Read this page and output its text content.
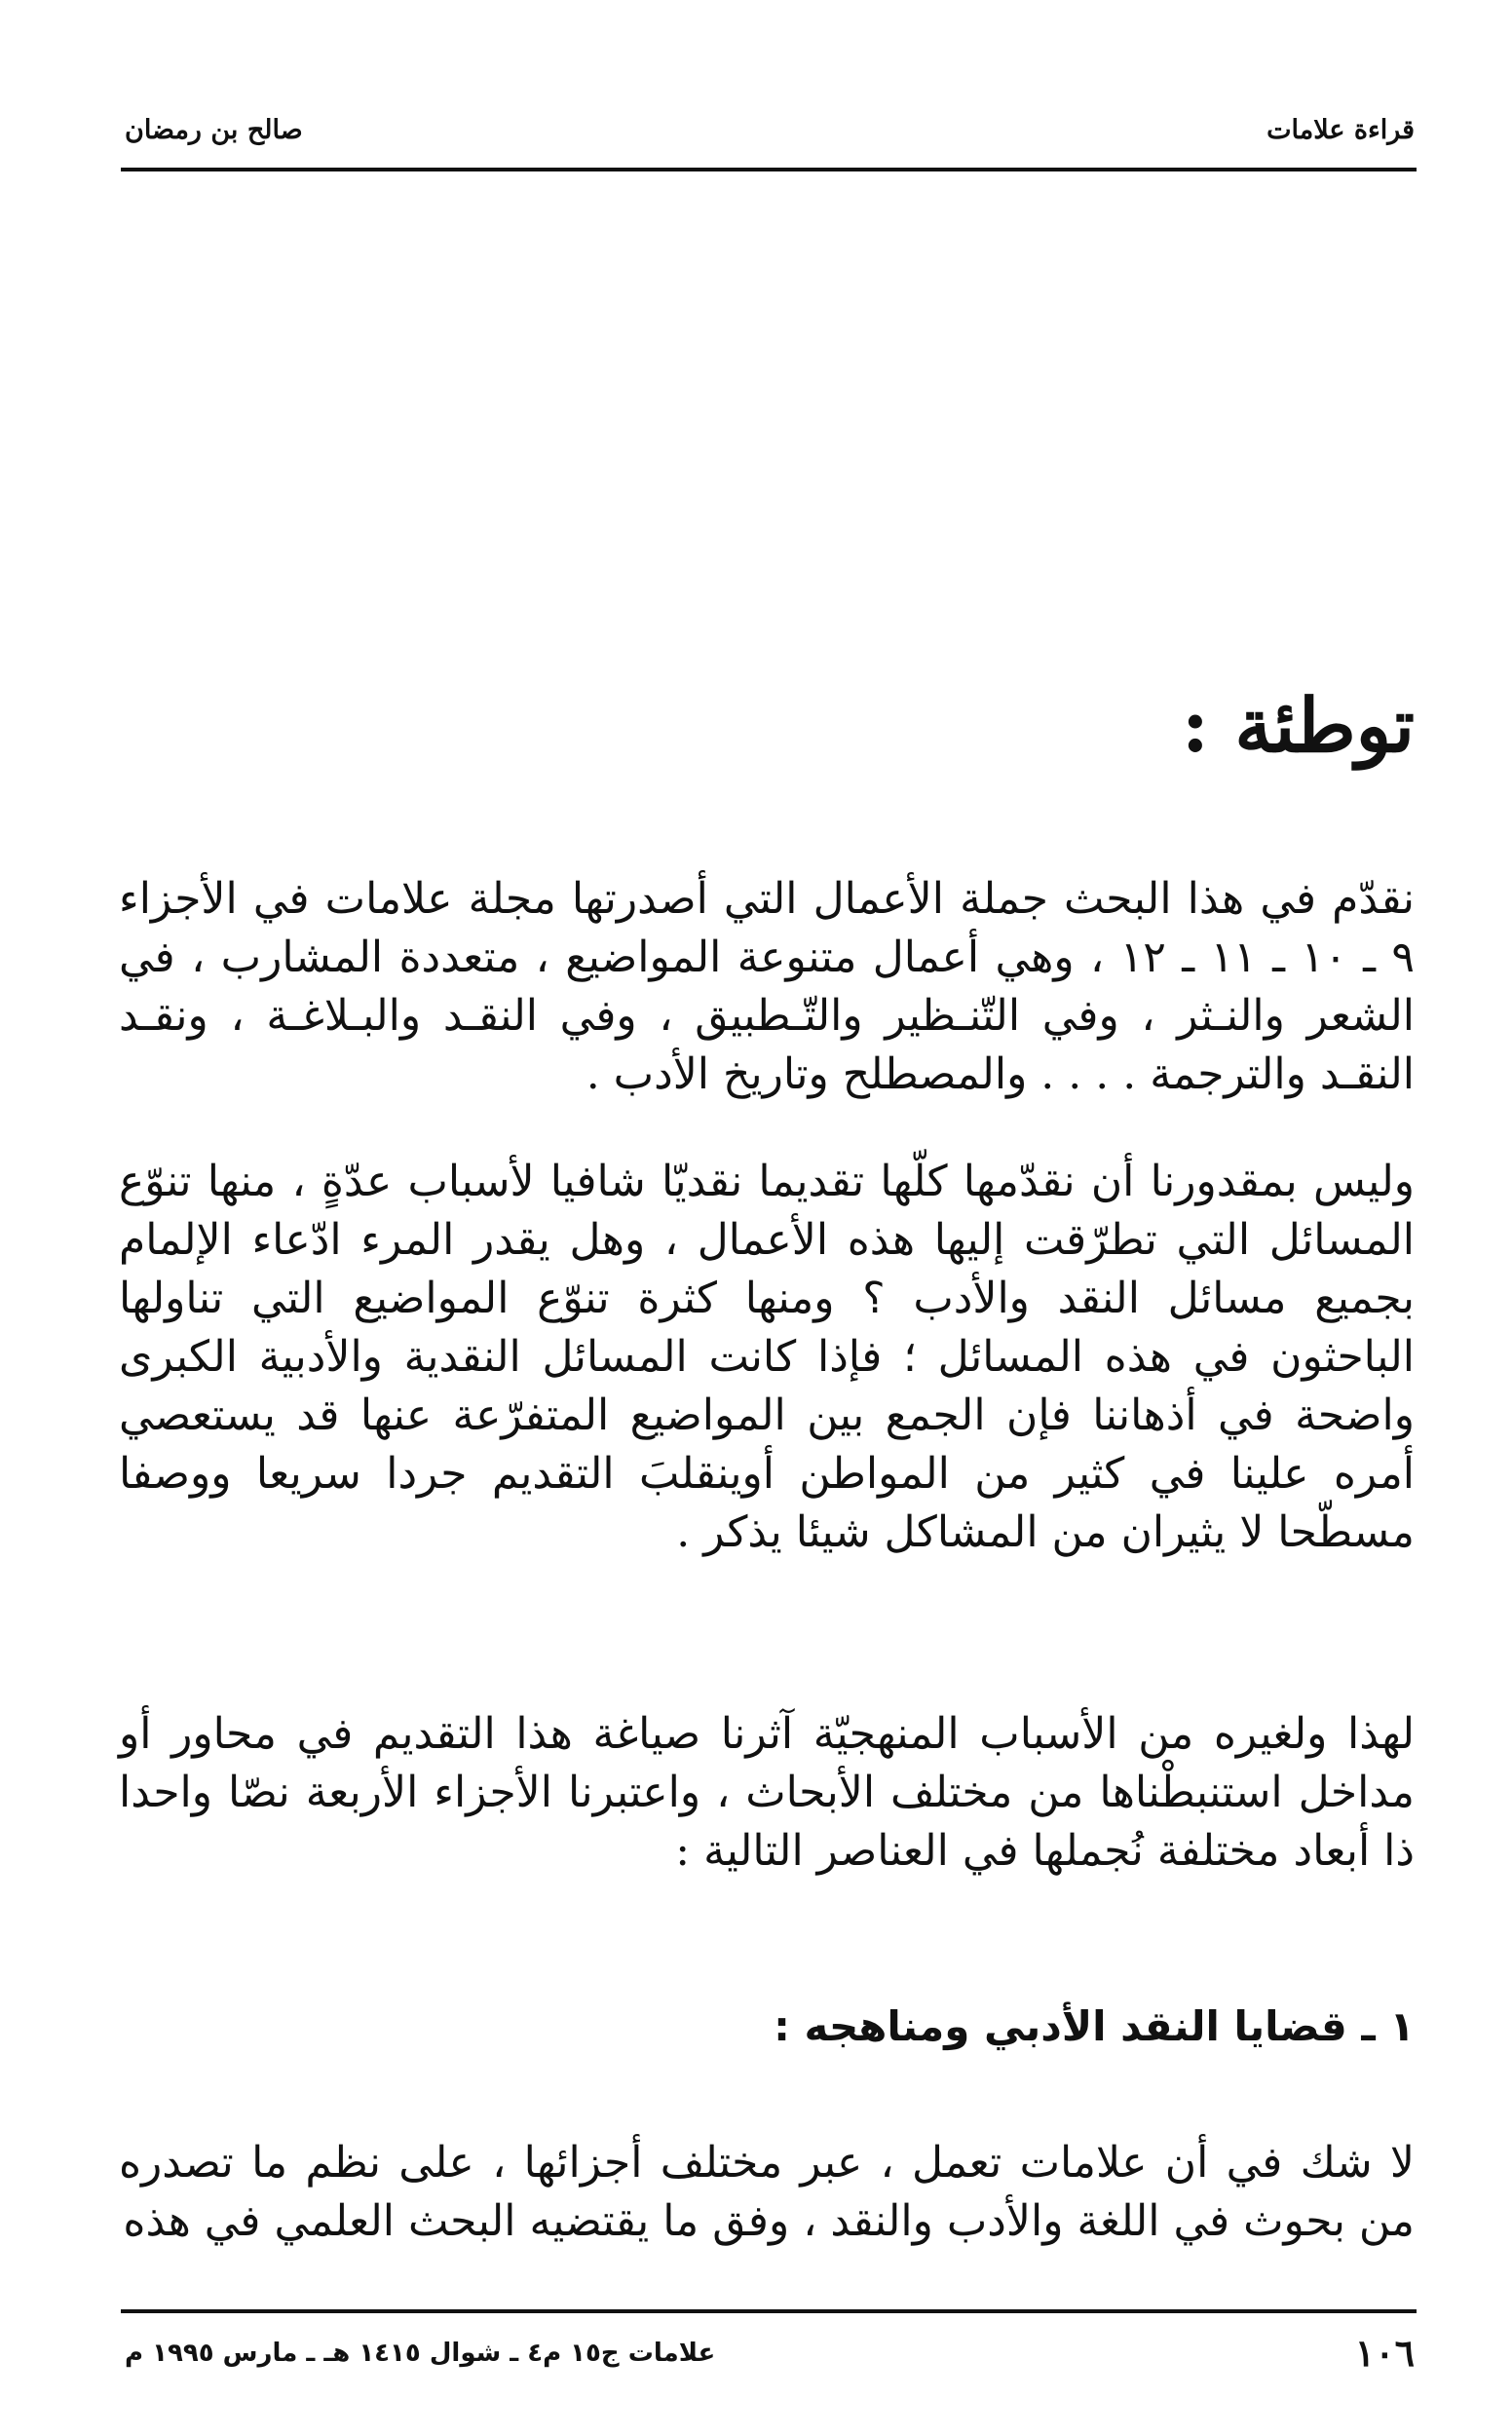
قراءة علامات
صالح بن رمضان
توطئة :

نقدّم في هذا البحث جملة الأعمال التي أصدرتها مجلة علامات في الأجزاء ٩ ـ ١٠ ـ ١١ ـ ١٢ ، وهي أعمال متنوعة المواضيع ، متعددة المشارب ، في الشعر والنـثر ، وفي التّنـظير والتّـطبيق ، وفي النقـد والبـلاغـة ، ونقـد النقـد والترجمة . . . . والمصطلح وتاريخ الأدب .

وليس بمقدورنا أن نقدّمها كلّها تقديما نقديّا شافيا لأسباب عدّةٍ ، منها تنوّع المسائل التي تطرّقت إليها هذه الأعمال ، وهل يقدر المرء ادّعاء الإلمام بجميع مسائل النقد والأدب ؟ ومنها كثرة تنوّع المواضيع التي تناولها الباحثون في هذه المسائل ؛ فإذا كانت المسائل النقدية والأدبية الكبرى واضحة في أذهاننا فإن الجمع بين المواضيع المتفرّعة عنها قد يستعصي أمره علينا في كثير من المواطن أوينقلبَ التقديم جردا سريعا ووصفا مسطّحا لا يثيران من المشاكل شيئا يذكر .

لهذا ولغيره من الأسباب المنهجيّة آثرنا صياغة هذا التقديم في محاور أو مداخل استنبطْناها من مختلف الأبحاث ، واعتبرنا الأجزاء الأربعة نصّا واحدا ذا أبعاد مختلفة نُجملها في العناصر التالية :

١ ـ قضايا النقد الأدبي ومناهجه :

لا شك في أن علامات تعمل ، عبر مختلف أجزائها ، على نظم ما تصدره من بحوث في اللغة والأدب والنقد ، وفق ما يقتضيه البحث العلمي في هذه

١٠٦
علامات ج١٥ م٤ ـ شوال ١٤١٥ هـ ـ مارس ١٩٩٥ م
